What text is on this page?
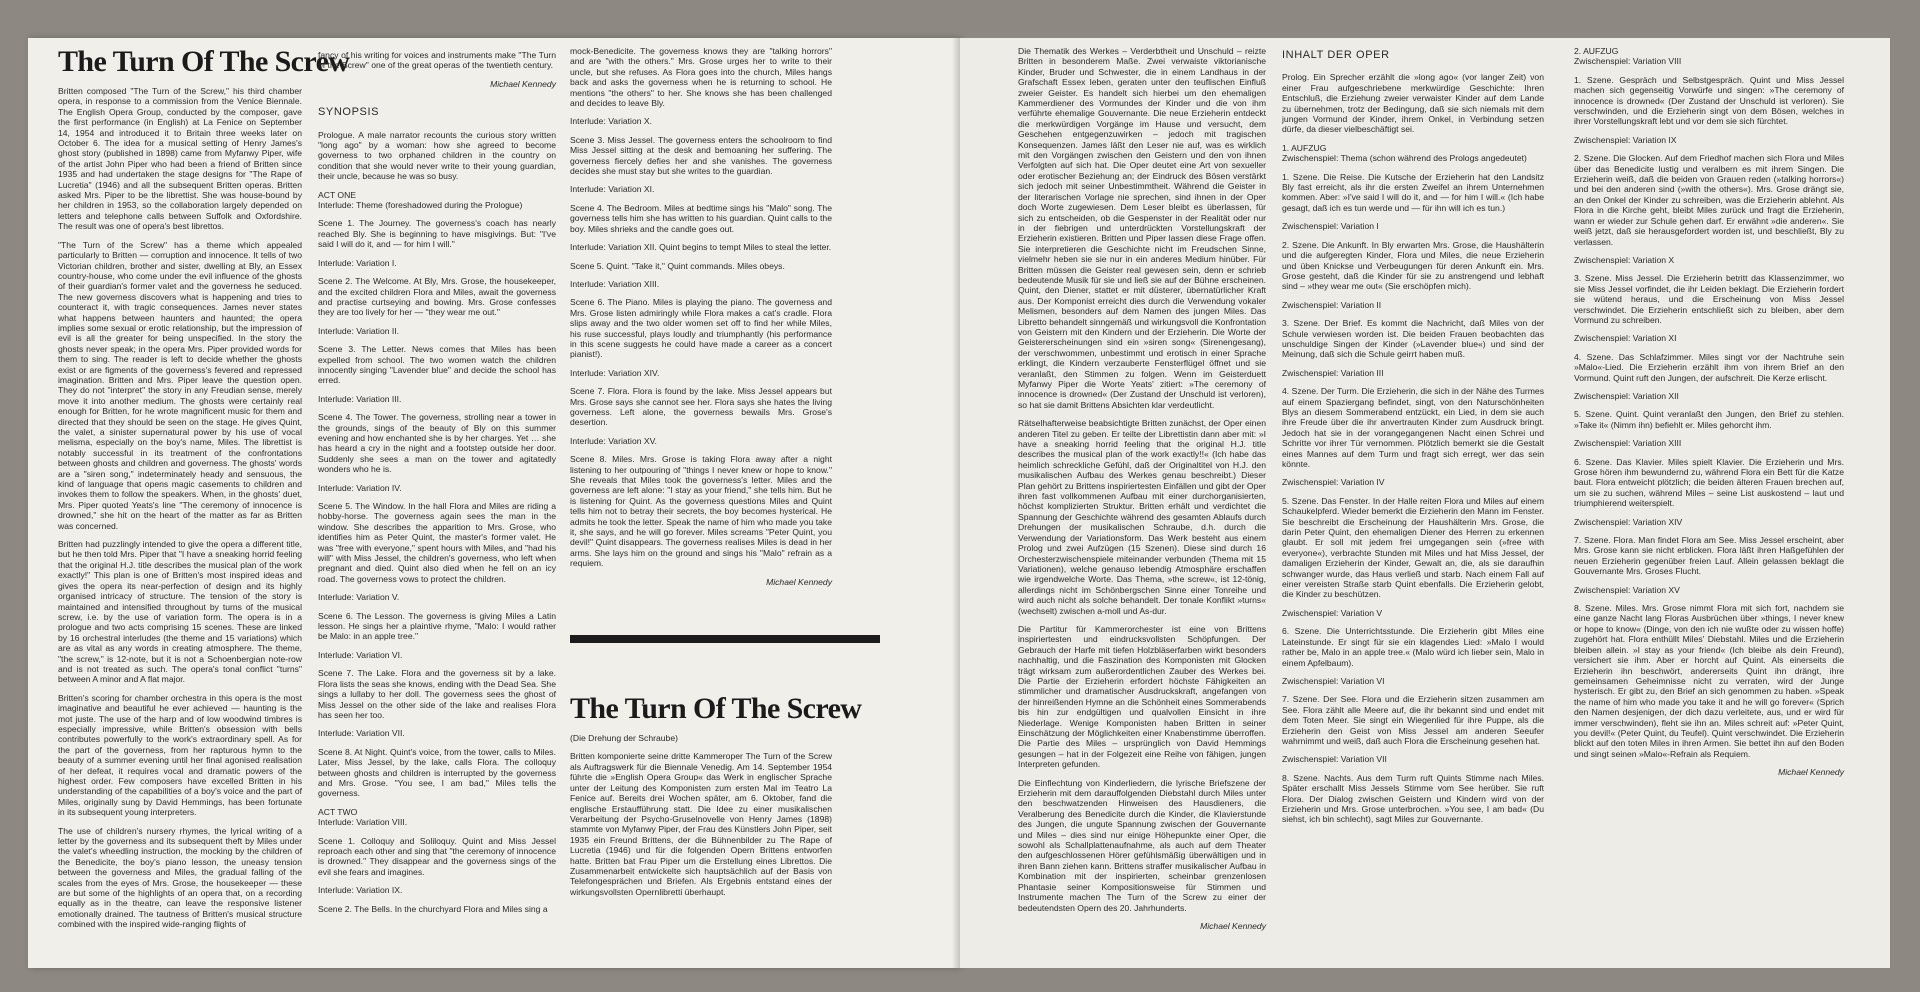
The Turn Of The Screw

Britten composed "The Turn of the Screw," his third chamber opera, in response to a commission from the Venice Biennale. The English Opera Group, conducted by the composer, gave the first performance (in English) at La Fenice on September 14, 1954 and introduced it to Britain three weeks later on October 6. The idea for a musical setting of Henry James's ghost story (published in 1898) came from Myfanwy Piper, wife of the artist John Piper who had been a friend of Britten since 1935 and had undertaken the stage designs for "The Rape of Lucretia" (1946) and all the subsequent Britten operas. Britten asked Mrs. Piper to be the librettist. She was house-bound by her children in 1953, so the collaboration largely depended on letters and telephone calls between Suffolk and Oxfordshire. The result was one of opera's best librettos.

"The Turn of the Screw" has a theme which appealed particularly to Britten — corruption and innocence. It tells of two Victorian children, brother and sister, dwelling at Bly, an Essex country-house, who come under the evil influence of the ghosts of their guardian's former valet and the governess he seduced. The new governess discovers what is happening and tries to counteract it, with tragic consequences. James never states what happens between haunters and haunted; the opera implies some sexual or erotic relationship, but the impression of evil is all the greater for being unspecified. In the story the ghosts never speak; in the opera Mrs. Piper provided words for them to sing. The reader is left to decide whether the ghosts exist or are figments of the governess's fevered and repressed imagination. Britten and Mrs. Piper leave the question open. They do not "interpret" the story in any Freudian sense, merely move it into another medium. The ghosts were certainly real enough for Britten, for he wrote magnificent music for them and directed that they should be seen on the stage. He gives Quint, the valet, a sinister supernatural power by his use of vocal melisma, especially on the boy's name, Miles. The librettist is notably successful in its treatment of the confrontations between ghosts and children and governess. The ghosts' words are a "siren song," indeterminately heady and sensuous, the kind of language that opens magic casements to children and invokes them to follow the speakers. When, in the ghosts' duet, Mrs. Piper quoted Yeats's line "The ceremony of innocence is drowned," she hit on the heart of the matter as far as Britten was concerned.

Britten had puzzlingly intended to give the opera a different title, but he then told Mrs. Piper that "I have a sneaking horrid feeling that the original H.J. title describes the musical plan of the work exactly!" This plan is one of Britten's most inspired ideas and gives the opera its near-perfection of design and its highly organised intricacy of structure. The tension of the story is maintained and intensified throughout by turns of the musical screw, i.e. by the use of variation form. The opera is in a prologue and two acts comprising 15 scenes. These are linked by 16 orchestral interludes (the theme and 15 variations) which are as vital as any words in creating atmosphere. The theme, "the screw," is 12-note, but it is not a Schoenbergian note-row and is not treated as such. The opera's tonal conflict "turns" between A minor and A flat major.

Britten's scoring for chamber orchestra in this opera is the most imaginative and beautiful he ever achieved — haunting is the mot juste. The use of the harp and of low woodwind timbres is especially impressive, while Britten's obsession with bells contributes powerfully to the work's extraordinary spell. As for the part of the governess, from her rapturous hymn to the beauty of a summer evening until her final agonised realisation of her defeat, it requires vocal and dramatic powers of the highest order. Few composers have excelled Britten in his understanding of the capabilities of a boy's voice and the part of Miles, originally sung by David Hemmings, has been fortunate in its subsequent young interpreters.

The use of children's nursery rhymes, the lyrical writing of a letter by the governess and its subsequent theft by Miles under the valet's wheedling instruction, the mocking by the children of the Benedicite, the boy's piano lesson, the uneasy tension between the governess and Miles, the gradual falling of the scales from the eyes of Mrs. Grose, the housekeeper — these are but some of the highlights of an opera that, on a recording equally as in the theatre, can leave the responsive listener emotionally drained. The tautness of Britten's musical structure combined with the inspired wide-ranging flights of

fancy of his writing for voices and instruments make "The Turn of the Screw" one of the great operas of the twentieth century.

Michael Kennedy
SYNOPSIS

Prologue. A male narrator recounts the curious story written "long ago" by a woman: how she agreed to become governess to two orphaned children in the country on condition that she would never write to their young guardian, their uncle, because he was so busy.

ACT ONE

Interlude: Theme (foreshadowed during the Prologue)

Scene 1. The Journey. The governess's coach has nearly reached Bly. She is beginning to have misgivings. But: "I've said I will do it, and — for him I will."

Interlude: Variation I.

Scene 2. The Welcome. At Bly, Mrs. Grose, the housekeeper, and the excited children Flora and Miles, await the governess and practise curtseying and bowing. Mrs. Grose confesses they are too lively for her — "they wear me out."

Interlude: Variation II.

Scene 3. The Letter. News comes that Miles has been expelled from school. The two women watch the children innocently singing "Lavender blue" and decide the school has erred.

Interlude: Variation III.

Scene 4. The Tower. The governess, strolling near a tower in the grounds, sings of the beauty of Bly on this summer evening and how enchanted she is by her charges. Yet … she has heard a cry in the night and a footstep outside her door. Suddenly she sees a man on the tower and agitatedly wonders who he is.

Interlude: Variation IV.

Scene 5. The Window. In the hall Flora and Miles are riding a hobby-horse. The governess again sees the man in the window. She describes the apparition to Mrs. Grose, who identifies him as Peter Quint, the master's former valet. He was "free with everyone," spent hours with Miles, and "had his will" with Miss Jessel, the children's governess, who left when pregnant and died. Quint also died when he fell on an icy road. The governess vows to protect the children.

Interlude: Variation V.

Scene 6. The Lesson. The governess is giving Miles a Latin lesson. He sings her a plaintive rhyme, "Malo: I would rather be Malo: in an apple tree."

Interlude: Variation VI.

Scene 7. The Lake. Flora and the governess sit by a lake. Flora lists the seas she knows, ending with the Dead Sea. She sings a lullaby to her doll. The governess sees the ghost of Miss Jessel on the other side of the lake and realises Flora has seen her too.

Interlude: Variation VII.

Scene 8. At Night. Quint's voice, from the tower, calls to Miles. Later, Miss Jessel, by the lake, calls Flora. The colloquy between ghosts and children is interrupted by the governess and Mrs. Grose. "You see, I am bad," Miles tells the governess.

ACT TWO

Interlude: Variation VIII.

Scene 1. Colloquy and Soliloquy. Quint and Miss Jessel reproach each other and sing that "the ceremony of innocence is drowned." They disappear and the governess sings of the evil she fears and imagines.

Interlude: Variation IX.

Scene 2. The Bells. In the churchyard Flora and Miles sing a

mock-Benedicite. The governess knows they are "talking horrors" and are "with the others." Mrs. Grose urges her to write to their uncle, but she refuses. As Flora goes into the church, Miles hangs back and asks the governess when he is returning to school. He mentions "the others" to her. She knows she has been challenged and decides to leave Bly.

Interlude: Variation X.

Scene 3. Miss Jessel. The governess enters the schoolroom to find Miss Jessel sitting at the desk and bemoaning her suffering. The governess fiercely defies her and she vanishes. The governess decides she must stay but she writes to the guardian.

Interlude: Variation XI.

Scene 4. The Bedroom. Miles at bedtime sings his "Malo" song. The governess tells him she has written to his guardian. Quint calls to the boy. Miles shrieks and the candle goes out.

Interlude: Variation XII. Quint begins to tempt Miles to steal the letter.

Scene 5. Quint. "Take it," Quint commands. Miles obeys.

Interlude: Variation XIII.

Scene 6. The Piano. Miles is playing the piano. The governess and Mrs. Grose listen admiringly while Flora makes a cat's cradle. Flora slips away and the two older women set off to find her while Miles, his ruse successful, plays loudly and triumphantly (his performance in this scene suggests he could have made a career as a concert pianist!).

Interlude: Variation XIV.

Scene 7. Flora. Flora is found by the lake. Miss Jessel appears but Mrs. Grose says she cannot see her. Flora says she hates the living governess. Left alone, the governess bewails Mrs. Grose's desertion.

Interlude: Variation XV.

Scene 8. Miles. Mrs. Grose is taking Flora away after a night listening to her outpouring of "things I never knew or hope to know." She reveals that Miles took the governess's letter. Miles and the governess are left alone: "I stay as your friend," she tells him. But he is listening for Quint. As the governess questions Miles and Quint tells him not to betray their secrets, the boy becomes hysterical. He admits he took the letter. Speak the name of him who made you take it, she says, and he will go forever. Miles screams "Peter Quint, you devil!" Quint disappears. The governess realises Miles is dead in her arms. She lays him on the ground and sings his "Malo" refrain as a requiem.

Michael Kennedy
The Turn Of The Screw

(Die Drehung der Schraube)

Britten komponierte seine dritte Kammeroper The Turn of the Screw als Auftragswerk für die Biennale Venedig. Am 14. September 1954 führte die »English Opera Group« das Werk in englischer Sprache unter der Leitung des Komponisten zum ersten Mal im Teatro La Fenice auf. Bereits drei Wochen später, am 6. Oktober, fand die englische Erstaufführung statt. Die Idee zu einer musikalischen Verarbeitung der Psycho-Gruselnovelle von Henry James (1898) stammte von Myfanwy Piper, der Frau des Künstlers John Piper, seit 1935 ein Freund Brittens, der die Bühnenbilder zu The Rape of Lucretia (1946) und für die folgenden Opern Brittens entworfen hatte. Britten bat Frau Piper um die Erstellung eines Librettos. Die Zusammenarbeit entwickelte sich hauptsächlich auf der Basis von Telefongesprächen und Briefen. Als Ergebnis entstand eines der wirkungsvollsten Opernlibretti überhaupt.

Die Thematik des Werkes – Verderbtheit und Unschuld – reizte Britten in besonderem Maße. Zwei verwaiste viktorianische Kinder, Bruder und Schwester, die in einem Landhaus in der Grafschaft Essex leben, geraten unter den teuflischen Einfluß zweier Geister. Es handelt sich hierbei um den ehemaligen Kammerdiener des Vormundes der Kinder und die von ihm verführte ehemalige Gouvernante. Die neue Erzieherin entdeckt die merkwürdigen Vorgänge im Hause und versucht, dem Geschehen entgegenzuwirken – jedoch mit tragischen Konsequenzen. James läßt den Leser nie auf, was es wirklich mit den Vorgängen zwischen den Geistern und den von ihnen Verfolgten auf sich hat. Die Oper deutet eine Art von sexueller oder erotischer Beziehung an; der Eindruck des Bösen verstärkt sich jedoch mit seiner Unbestimmtheit. Während die Geister in der literarischen Vorlage nie sprechen, sind ihnen in der Oper doch Worte zugewiesen. Dem Leser bleibt es überlassen, für sich zu entscheiden, ob die Gespenster in der Realität oder nur in der fiebrigen und unterdrückten Vorstellungskraft der Erzieherin existieren. Britten und Piper lassen diese Frage offen. Sie interpretieren die Geschichte nicht im Freudschen Sinne, vielmehr heben sie sie nur in ein anderes Medium hinüber. Für Britten müssen die Geister real gewesen sein, denn er schrieb bedeutende Musik für sie und ließ sie auf der Bühne erscheinen. Quint, den Diener, stattet er mit düsterer, übernatürlicher Kraft aus. Der Komponist erreicht dies durch die Verwendung vokaler Melismen, besonders auf dem Namen des jungen Miles. Das Libretto behandelt sinngemäß und wirkungsvoll die Konfrontation von Geistern mit den Kindern und der Erzieherin. Die Worte der Geistererscheinungen sind ein »siren song« (Sirenengesang), der verschwommen, unbestimmt und erotisch in einer Sprache erklingt, die Kindern verzauberte Fensterflügel öffnet und sie veranlaßt, den Stimmen zu folgen. Wenn im Geisterduett Myfanwy Piper die Worte Yeats' zitiert: »The ceremony of innocence is drowned« (Der Zustand der Unschuld ist verloren), so hat sie damit Brittens Absichten klar verdeutlicht.

Rätselhafterweise beabsichtigte Britten zunächst, der Oper einen anderen Titel zu geben. Er teilte der Librettistin dann aber mit: »I have a sneaking horrid feeling that the original H.J. title describes the musical plan of the work exactly!!« (Ich habe das heimlich schreckliche Gefühl, daß der Originaltitel von H.J. den musikalischen Aufbau des Werkes genau beschreibt.) Dieser Plan gehört zu Brittens inspiriertesten Einfällen und gibt der Oper ihren fast vollkommenen Aufbau mit einer durchorganisierten, höchst komplizierten Struktur. Britten erhält und verdichtet die Spannung der Geschichte während des gesamten Ablaufs durch Drehungen der musikalischen Schraube, d.h. durch die Verwendung der Variationsform. Das Werk besteht aus einem Prolog und zwei Aufzügen (15 Szenen). Diese sind durch 16 Orchesterzwischenspiele miteinander verbunden (Thema mit 15 Variationen), welche genauso lebendig Atmosphäre erschaffen wie irgendwelche Worte. Das Thema, »the screw«, ist 12-tönig, allerdings nicht im Schönbergschen Sinne einer Tonreihe und wird auch nicht als solche behandelt. Der tonale Konflikt »turns« (wechselt) zwischen a-moll und As-dur.

Die Partitur für Kammerorchester ist eine von Brittens inspiriertesten und eindrucksvollsten Schöpfungen. Der Gebrauch der Harfe mit tiefen Holzbläserfarben wirkt besonders nachhaltig, und die Faszination des Komponisten mit Glocken trägt wirksam zum außerordentlichen Zauber des Werkes bei. Die Partie der Erzieherin erfordert höchste Fähigkeiten an stimmlicher und dramatischer Ausdruckskraft, angefangen von der hinreißenden Hymne an die Schönheit eines Sommerabends bis hin zur endgültigen und qualvollen Einsicht in ihre Niederlage. Wenige Komponisten haben Britten in seiner Einschätzung der Möglichkeiten einer Knabenstimme überroffen. Die Partie des Miles – ursprünglich von David Hemmings gesungen – hat in der Folgezeit eine Reihe von fähigen, jungen Interpreten gefunden.

Die Einflechtung von Kinderliedern, die lyrische Briefszene der Erzieherin mit dem darauffolgenden Diebstahl durch Miles unter den beschwatzenden Hinweisen des Hausdieners, die Veralberung des Benedicite durch die Kinder, die Klavierstunde des Jungen, die ungute Spannung zwischen der Gouvernante und Miles – dies sind nur einige Höhepunkte einer Oper, die sowohl als Schallplattenaufnahme, als auch auf dem Theater den aufgeschlossenen Hörer gefühlsmäßig überwältigen und in ihren Bann ziehen kann. Brittens straffer musikalischer Aufbau in Kombination mit der inspirierten, scheinbar grenzenlosen Phantasie seiner Kompositionsweise für Stimmen und Instrumente machen The Turn of the Screw zu einer der bedeutendsten Opern des 20. Jahrhunderts.

Michael Kennedy
INHALT DER OPER

Prolog. Ein Sprecher erzählt die »long ago« (vor langer Zeit) von einer Frau aufgeschriebene merkwürdige Geschichte: Ihren Entschluß, die Erziehung zweier verwaister Kinder auf dem Lande zu übernehmen, trotz der Bedingung, daß sie sich niemals mit dem jungen Vormund der Kinder, ihrem Onkel, in Verbindung setzen dürfe, da dieser vielbeschäftigt sei.

1. AUFZUG
Zwischenspiel: Thema (schon während des Prologs angedeutet)

1. Szene. Die Reise. Die Kutsche der Erzieherin hat den Landsitz Bly fast erreicht, als ihr die ersten Zweifel an ihrem Unternehmen kommen. Aber: »I've said I will do it, and — for him I will.« (Ich habe gesagt, daß ich es tun werde und — für ihn will ich es tun.)

Zwischenspiel: Variation I

2. Szene. Die Ankunft. In Bly erwarten Mrs. Grose, die Haushälterin und die aufgeregten Kinder, Flora und Miles, die neue Erzieherin und üben Knickse und Verbeugungen für deren Ankunft ein. Mrs. Grose gesteht, daß die Kinder für sie zu anstrengend und lebhaft sind – »they wear me out« (Sie erschöpfen mich).

Zwischenspiel: Variation II

3. Szene. Der Brief. Es kommt die Nachricht, daß Miles von der Schule verwiesen worden ist. Die beiden Frauen beobachten das unschuldige Singen der Kinder (»Lavender blue«) und sind der Meinung, daß sich die Schule geirrt haben muß.

Zwischenspiel: Variation III

4. Szene. Der Turm. Die Erzieherin, die sich in der Nähe des Turmes auf einem Spaziergang befindet, singt, von den Naturschönheiten Blys an diesem Sommerabend entzückt, ein Lied, in dem sie auch ihre Freude über die ihr anvertrauten Kinder zum Ausdruck bringt. Jedoch hat sie in der vorangegangenen Nacht einen Schrei und Schritte vor ihrer Tür vernommen. Plötzlich bemerkt sie die Gestalt eines Mannes auf dem Turm und fragt sich erregt, wer das sein könnte.

Zwischenspiel: Variation IV

5. Szene. Das Fenster. In der Halle reiten Flora und Miles auf einem Schaukelpferd. Wieder bemerkt die Erzieherin den Mann im Fenster. Sie beschreibt die Erscheinung der Haushälterin Mrs. Grose, die darin Peter Quint, den ehemaligen Diener des Herren zu erkennen glaubt. Er soll mit jedem frei umgegangen sein (»free with everyone«), verbrachte Stunden mit Miles und hat Miss Jessel, der damaligen Erzieherin der Kinder, Gewalt an, die, als sie daraufhin schwanger wurde, das Haus verließ und starb. Nach einem Fall auf einer vereisten Straße starb Quint ebenfalls. Die Erzieherin gelobt, die Kinder zu beschützen.

Zwischenspiel: Variation V

6. Szene. Die Unterrichtsstunde. Die Erzieherin gibt Miles eine Lateinstunde. Er singt für sie ein klagendes Lied: »Malo I would rather be, Malo in an apple tree.« (Malo würd ich lieber sein, Malo in einem Apfelbaum).

Zwischenspiel: Variation VI

7. Szene. Der See. Flora und die Erzieherin sitzen zusammen am See. Flora zählt alle Meere auf, die ihr bekannt sind und endet mit dem Toten Meer. Sie singt ein Wiegenlied für ihre Puppe, als die Erzieherin den Geist von Miss Jessel am anderen Seeufer wahrnimmt und weiß, daß auch Flora die Erscheinung gesehen hat.

Zwischenspiel: Variation VII

8. Szene. Nachts. Aus dem Turm ruft Quints Stimme nach Miles. Später erschallt Miss Jessels Stimme vom See herüber. Sie ruft Flora. Der Dialog zwischen Geistern und Kindern wird von der Erzieherin und Mrs. Grose unterbrochen. »You see, I am bad« (Du siehst, ich bin schlecht), sagt Miles zur Gouvernante.

2. AUFZUG
Zwischenspiel: Variation VIII

1. Szene. Gespräch und Selbstgespräch. Quint und Miss Jessel machen sich gegenseitig Vorwürfe und singen: »The ceremony of innocence is drowned« (Der Zustand der Unschuld ist verloren). Sie verschwinden, und die Erzieherin singt von dem Bösen, welches in ihrer Vorstellungskraft lebt und vor dem sie sich fürchtet.

Zwischenspiel: Variation IX

2. Szene. Die Glocken. Auf dem Friedhof machen sich Flora und Miles über das Benedicite lustig und veralbern es mit ihrem Singen. Die Erzieherin weiß, daß die beiden von Grauen reden (»talking horrors«) und bei den anderen sind (»with the others«). Mrs. Grose drängt sie, an den Onkel der Kinder zu schreiben, was die Erzieherin ablehnt. Als Flora in die Kirche geht, bleibt Miles zurück und fragt die Erzieherin, wann er wieder zur Schule gehen darf. Er erwähnt »die anderen«. Sie weiß jetzt, daß sie herausgefordert worden ist, und beschließt, Bly zu verlassen.

Zwischenspiel: Variation X

3. Szene. Miss Jessel. Die Erzieherin betritt das Klassenzimmer, wo sie Miss Jessel vorfindet, die ihr Leiden beklagt. Die Erzieherin fordert sie wütend heraus, und die Erscheinung von Miss Jessel verschwindet. Die Erzieherin entschließt sich zu bleiben, aber dem Vormund zu schreiben.

Zwischenspiel: Variation XI

4. Szene. Das Schlafzimmer. Miles singt vor der Nachtruhe sein »Malo«-Lied. Die Erzieherin erzählt ihm von ihrem Brief an den Vormund. Quint ruft den Jungen, der aufschreit. Die Kerze erlischt.

Zwischenspiel: Variation XII

5. Szene. Quint. Quint veranlaßt den Jungen, den Brief zu stehlen. »Take it« (Nimm ihn) befiehlt er. Miles gehorcht ihm.

Zwischenspiel: Variation XIII

6. Szene. Das Klavier. Miles spielt Klavier. Die Erzieherin und Mrs. Grose hören ihm bewundernd zu, während Flora ein Bett für die Katze baut. Flora entweicht plötzlich; die beiden älteren Frauen brechen auf, um sie zu suchen, während Miles – seine List auskostend – laut und triumphierend weiterspielt.

Zwischenspiel: Variation XIV

7. Szene. Flora. Man findet Flora am See. Miss Jessel erscheint, aber Mrs. Grose kann sie nicht erblicken. Flora läßt ihren Haßgefühlen der neuen Erzieherin gegenüber freien Lauf. Allein gelassen beklagt die Gouvernante Mrs. Groses Flucht.

Zwischenspiel: Variation XV

8. Szene. Miles. Mrs. Grose nimmt Flora mit sich fort, nachdem sie eine ganze Nacht lang Floras Ausbrüchen über »things, I never knew or hope to know« (Dinge, von den ich nie wußte oder zu wissen hoffe) zugehört hat. Flora enthüllt Miles' Diebstahl. Miles und die Erzieherin bleiben allein. »I stay as your friend« (Ich bleibe als dein Freund), versichert sie ihm. Aber er horcht auf Quint. Als einerseits die Erzieherin ihn beschwört, andererseits Quint ihn drängt, ihre gemeinsamen Geheimnisse nicht zu verraten, wird der Junge hysterisch. Er gibt zu, den Brief an sich genommen zu haben. »Speak the name of him who made you take it and he will go forever« (Sprich den Namen desjenigen, der dich dazu verleitete, aus, und er wird für immer verschwinden), fleht sie ihn an. Miles schreit auf: »Peter Quint, you devil!« (Peter Quint, du Teufel). Quint verschwindet. Die Erzieherin blickt auf den toten Miles in ihren Armen. Sie bettet ihn auf den Boden und singt seinen »Malo«-Refrain als Requiem.

Michael Kennedy
